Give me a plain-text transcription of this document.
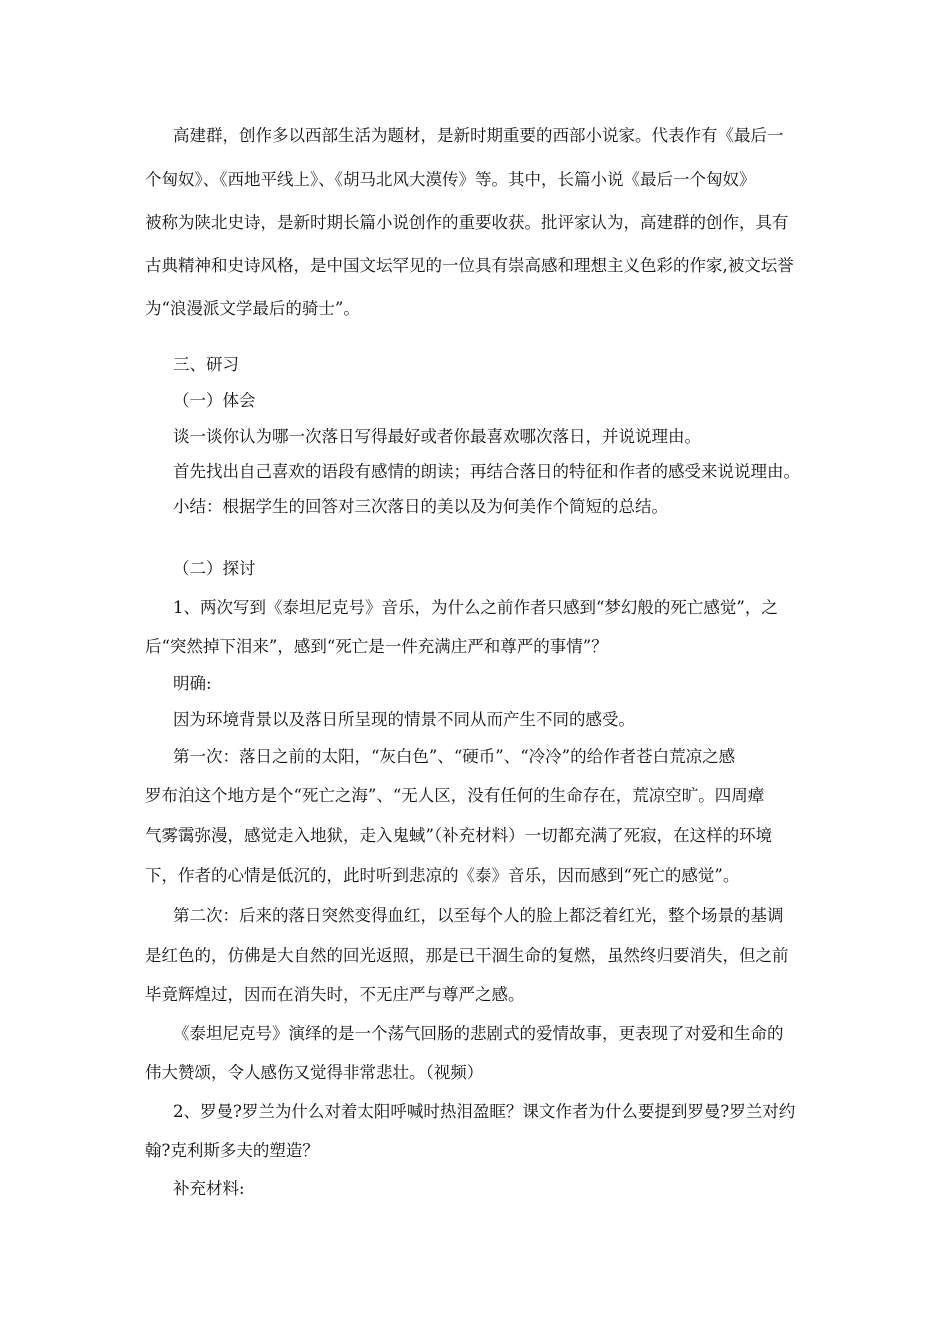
高建群，创作多以西部生活为题材，是新时期重要的西部小说家。代表作有《最后一
个匈奴》、《西地平线上》、《胡马北风大漠传》等。其中，长篇小说《最后一个匈奴》
被称为陕北史诗，是新时期长篇小说创作的重要收获。批评家认为，高建群的创作，具有
古典精神和史诗风格，是中国文坛罕见的一位具有崇高感和理想主义色彩的作家,被文坛誉
为“浪漫派文学最后的骑士”。
三、研习
（一）体会
谈一谈你认为哪一次落日写得最好或者你最喜欢哪次落日，并说说理由。
首先找出自己喜欢的语段有感情的朗读；再结合落日的特征和作者的感受来说说理由。
小结：根据学生的回答对三次落日的美以及为何美作个简短的总结。
（二）探讨
1、两次写到《泰坦尼克号》音乐，为什么之前作者只感到“梦幻般的死亡感觉”，之
后“突然掉下泪来”，感到“死亡是一件充满庄严和尊严的事情”？
明确:
因为环境背景以及落日所呈现的情景不同从而产生不同的感受。
第一次：落日之前的太阳，“灰白色”、“硬币”、“冷冷”的给作者苍白荒凉之感
罗布泊这个地方是个“死亡之海”、“无人区，没有任何的生命存在，荒凉空旷。四周瘴
气雾霭弥漫，感觉走入地狱，走入鬼蜮”（补充材料）一切都充满了死寂，在这样的环境
下，作者的心情是低沉的，此时听到悲凉的《泰》音乐，因而感到“死亡的感觉”。
第二次：后来的落日突然变得血红，以至每个人的脸上都泛着红光，整个场景的基调
是红色的，仿佛是大自然的回光返照，那是已干涸生命的复燃，虽然终归要消失，但之前
毕竟辉煌过，因而在消失时，不无庄严与尊严之感。
《泰坦尼克号》演绎的是一个荡气回肠的悲剧式的爱情故事，更表现了对爱和生命的
伟大赞颂，令人感伤又觉得非常悲壮。（视频）
2、罗曼?罗兰为什么对着太阳呼喊时热泪盈眶？课文作者为什么要提到罗曼?罗兰对约
翰?克利斯多夫的塑造？
补充材料:
